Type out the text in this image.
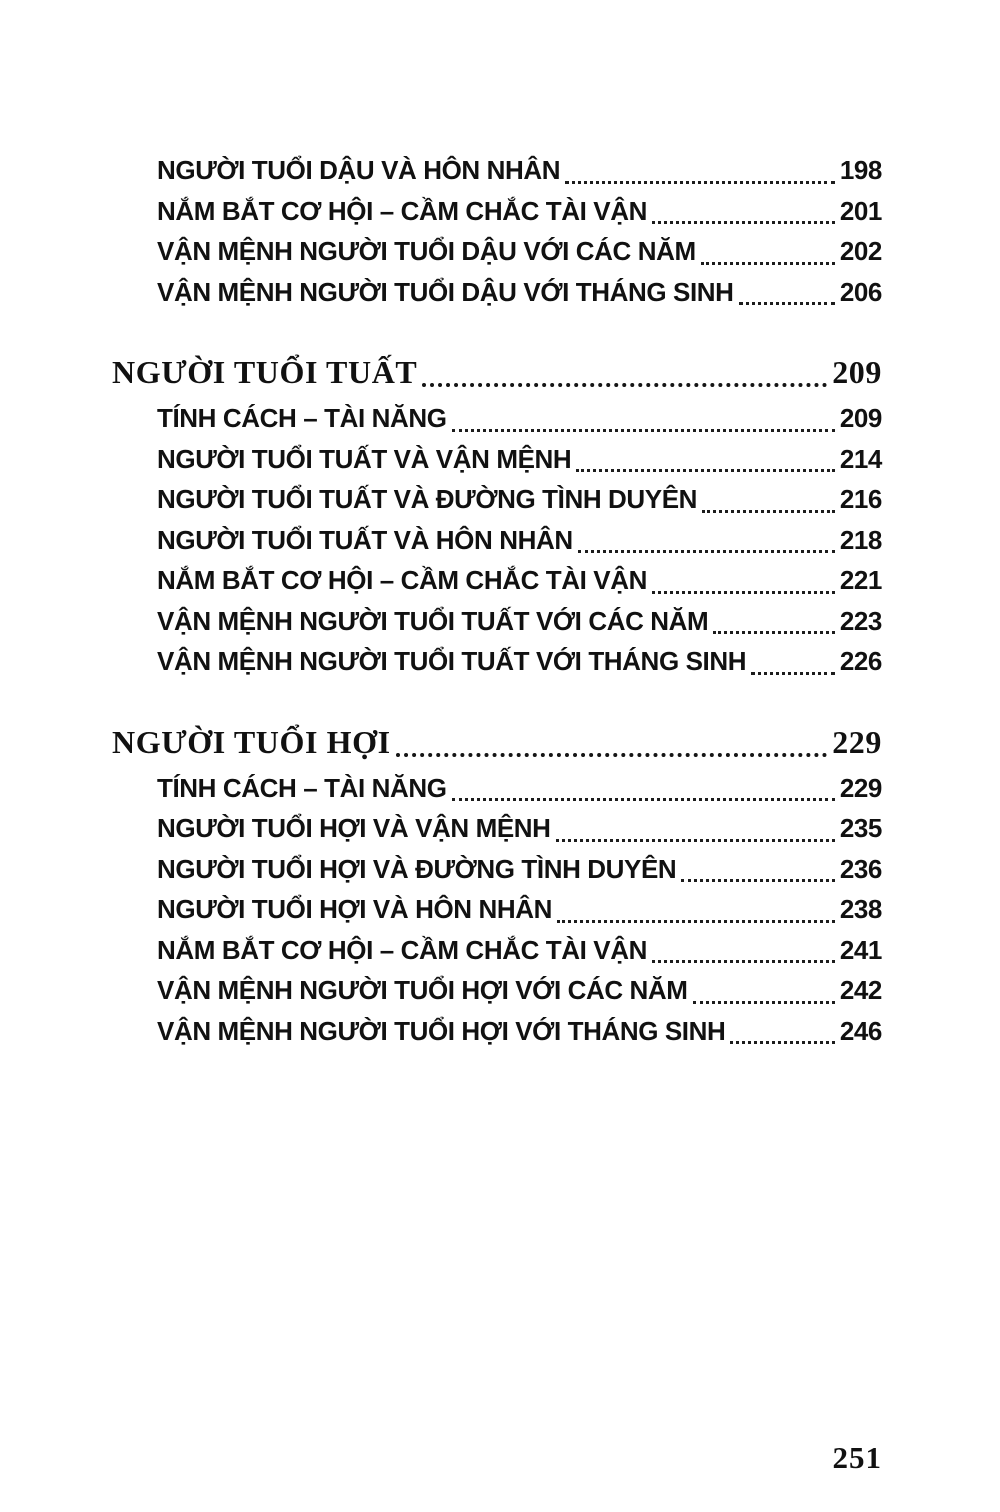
NGƯỜI TUỔI DẬU VÀ HÔN NHÂN	198
NẮM BẮT CƠ HỘI – CẦM CHẮC TÀI VẬN	201
VẬN MỆNH NGƯỜI TUỔI DẬU VỚI CÁC NĂM	202
VẬN MỆNH NGƯỜI TUỔI DẬU VỚI THÁNG SINH	206
NGƯỜI TUỔI TUẤT	209
TÍNH CÁCH – TÀI NĂNG	209
NGƯỜI TUỔI TUẤT VÀ VẬN MỆNH	214
NGƯỜI TUỔI TUẤT VÀ ĐƯỜNG TÌNH DUYÊN	216
NGƯỜI TUỔI TUẤT VÀ HÔN NHÂN	218
NẮM BẮT CƠ HỘI – CẦM CHẮC TÀI VẬN	221
VẬN MỆNH NGƯỜI TUỔI TUẤT VỚI CÁC NĂM	223
VẬN MỆNH NGƯỜI TUỔI TUẤT VỚI THÁNG SINH	226
NGƯỜI TUỔI HỢI	229
TÍNH CÁCH – TÀI NĂNG	229
NGƯỜI TUỔI HỢI VÀ VẬN MỆNH	235
NGƯỜI TUỔI HỢI VÀ ĐƯỜNG TÌNH DUYÊN	236
NGƯỜI TUỔI HỢI VÀ HÔN NHÂN	238
NẮM BẮT CƠ HỘI – CẦM CHẮC TÀI VẬN	241
VẬN MỆNH NGƯỜI TUỔI HỢI VỚI CÁC NĂM	242
VẬN MỆNH NGƯỜI TUỔI HỢI VỚI THÁNG SINH	246
251
